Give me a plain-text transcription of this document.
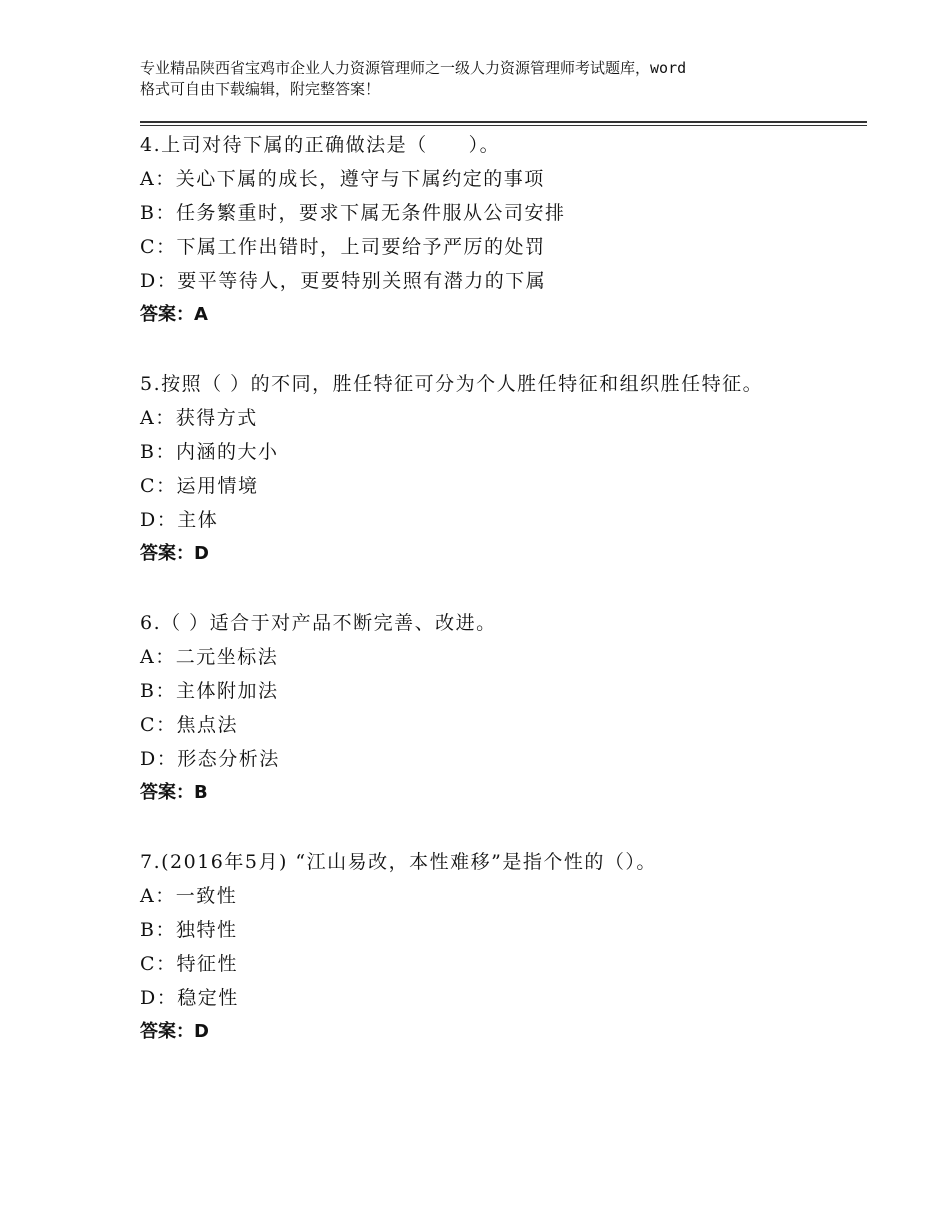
专业精品陕西省宝鸡市企业人力资源管理师之一级人力资源管理师考试题库，word
格式可自由下载编辑，附完整答案！
4.上司对待下属的正确做法是（　　）。
A：关心下属的成长，遵守与下属约定的事项
B：任务繁重时，要求下属无条件服从公司安排
C：下属工作出错时，上司要给予严厉的处罚
D：要平等待人，更要特别关照有潜力的下属
答案：A
5.按照（ ）的不同，胜任特征可分为个人胜任特征和组织胜任特征。
A：获得方式
B：内涵的大小
C：运用情境
D：主体
答案：D
6.（ ）适合于对产品不断完善、改进。
A：二元坐标法
B：主体附加法
C：焦点法
D：形态分析法
答案：B
7.(2016年5月) “江山易改，本性难移”是指个性的（）。
A：一致性
B：独特性
C：特征性
D：稳定性
答案：D
